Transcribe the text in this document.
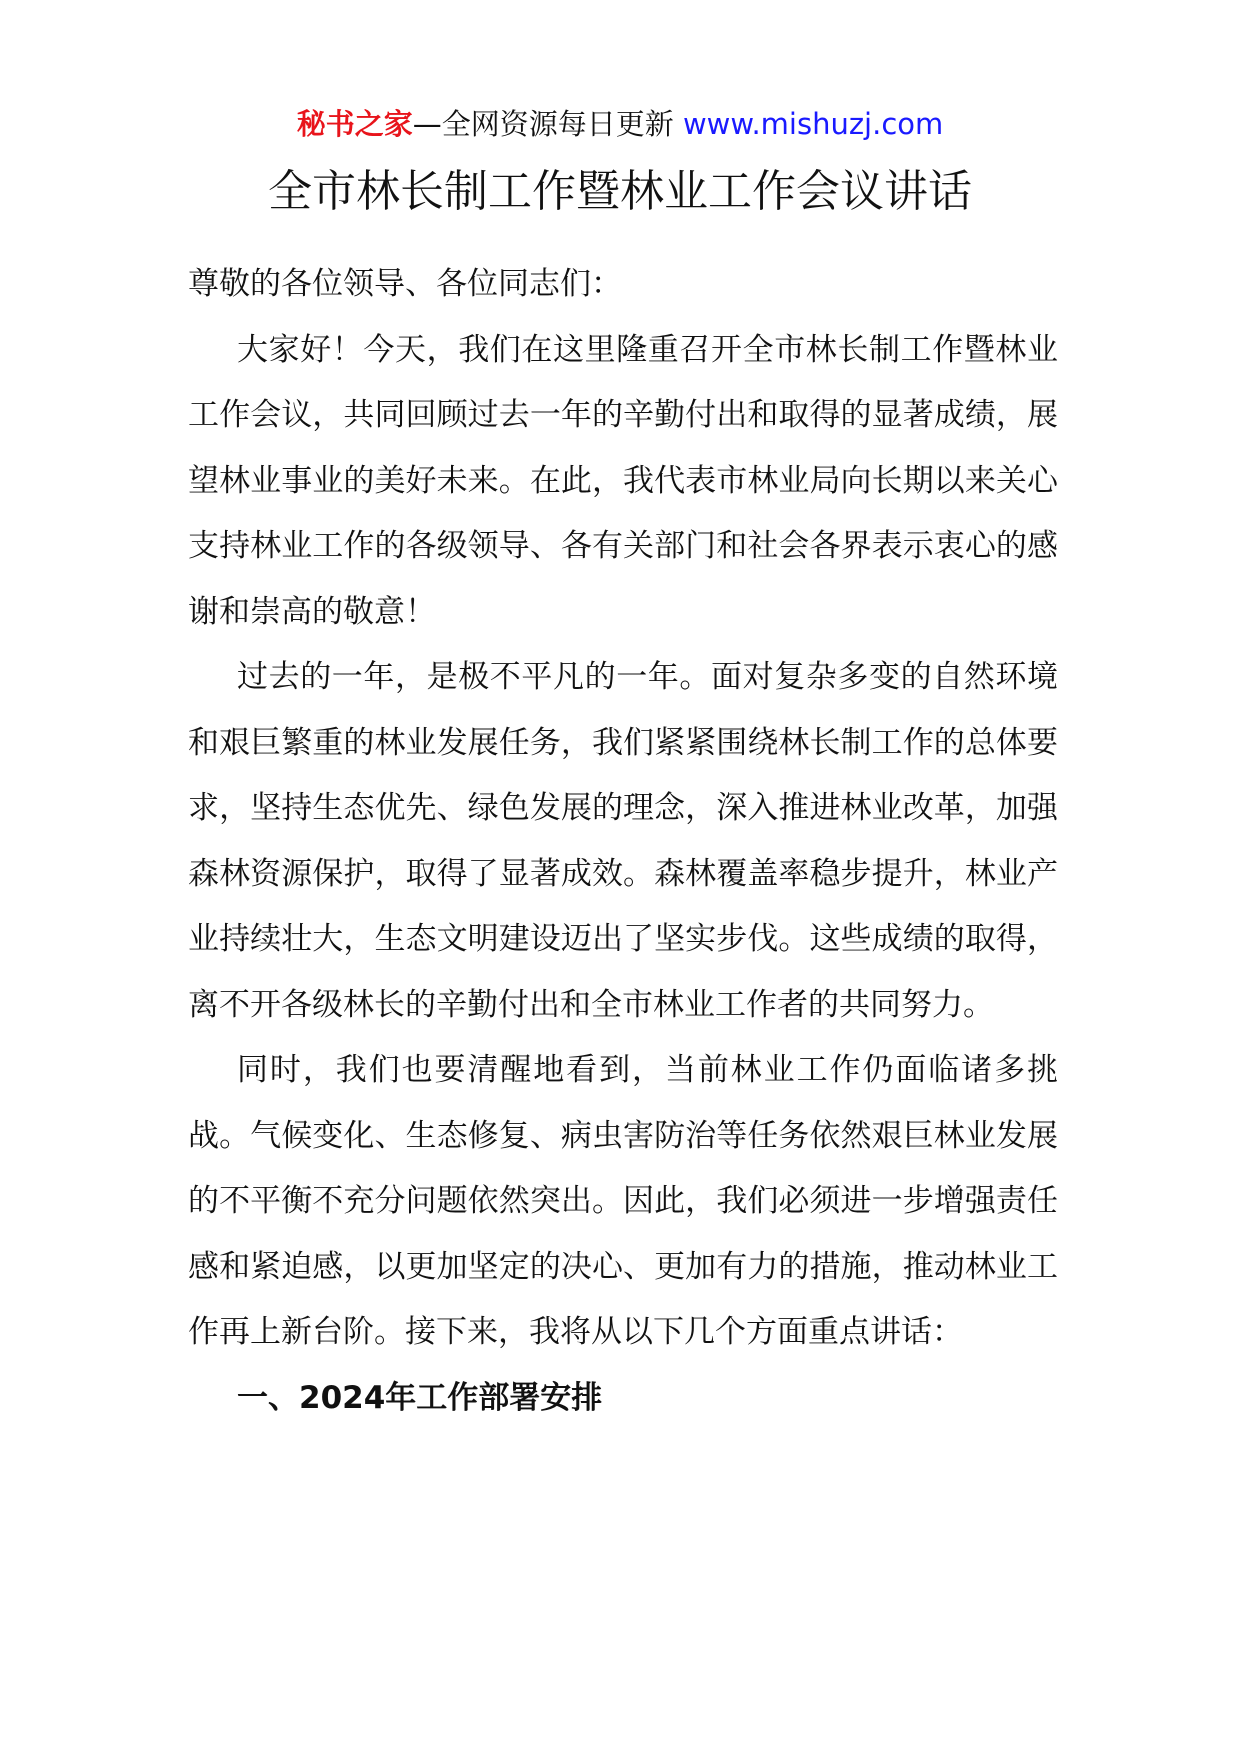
秘书之家—全网资源每日更新 www.mishuzj.com
全市林长制工作暨林业工作会议讲话

尊敬的各位领导、各位同志们：

大家好！今天，我们在这里隆重召开全市林长制工作暨林业工作会议，共同回顾过去一年的辛勤付出和取得的显著成绩，展望林业事业的美好未来。在此，我代表市林业局向长期以来关心支持林业工作的各级领导、各有关部门和社会各界表示衷心的感谢和崇高的敬意！

过去的一年，是极不平凡的一年。面对复杂多变的自然环境和艰巨繁重的林业发展任务，我们紧紧围绕林长制工作的总体要求，坚持生态优先、绿色发展的理念，深入推进林业改革，加强森林资源保护，取得了显著成效。森林覆盖率稳步提升，林业产业持续壮大，生态文明建设迈出了坚实步伐。这些成绩的取得，离不开各级林长的辛勤付出和全市林业工作者的共同努力。

同时，我们也要清醒地看到，当前林业工作仍面临诸多挑战。气候变化、生态修复、病虫害防治等任务依然艰巨林业发展的不平衡不充分问题依然突出。因此，我们必须进一步增强责任感和紧迫感，以更加坚定的决心、更加有力的措施，推动林业工作再上新台阶。接下来，我将从以下几个方面重点讲话：

一、2024年工作部署安排
